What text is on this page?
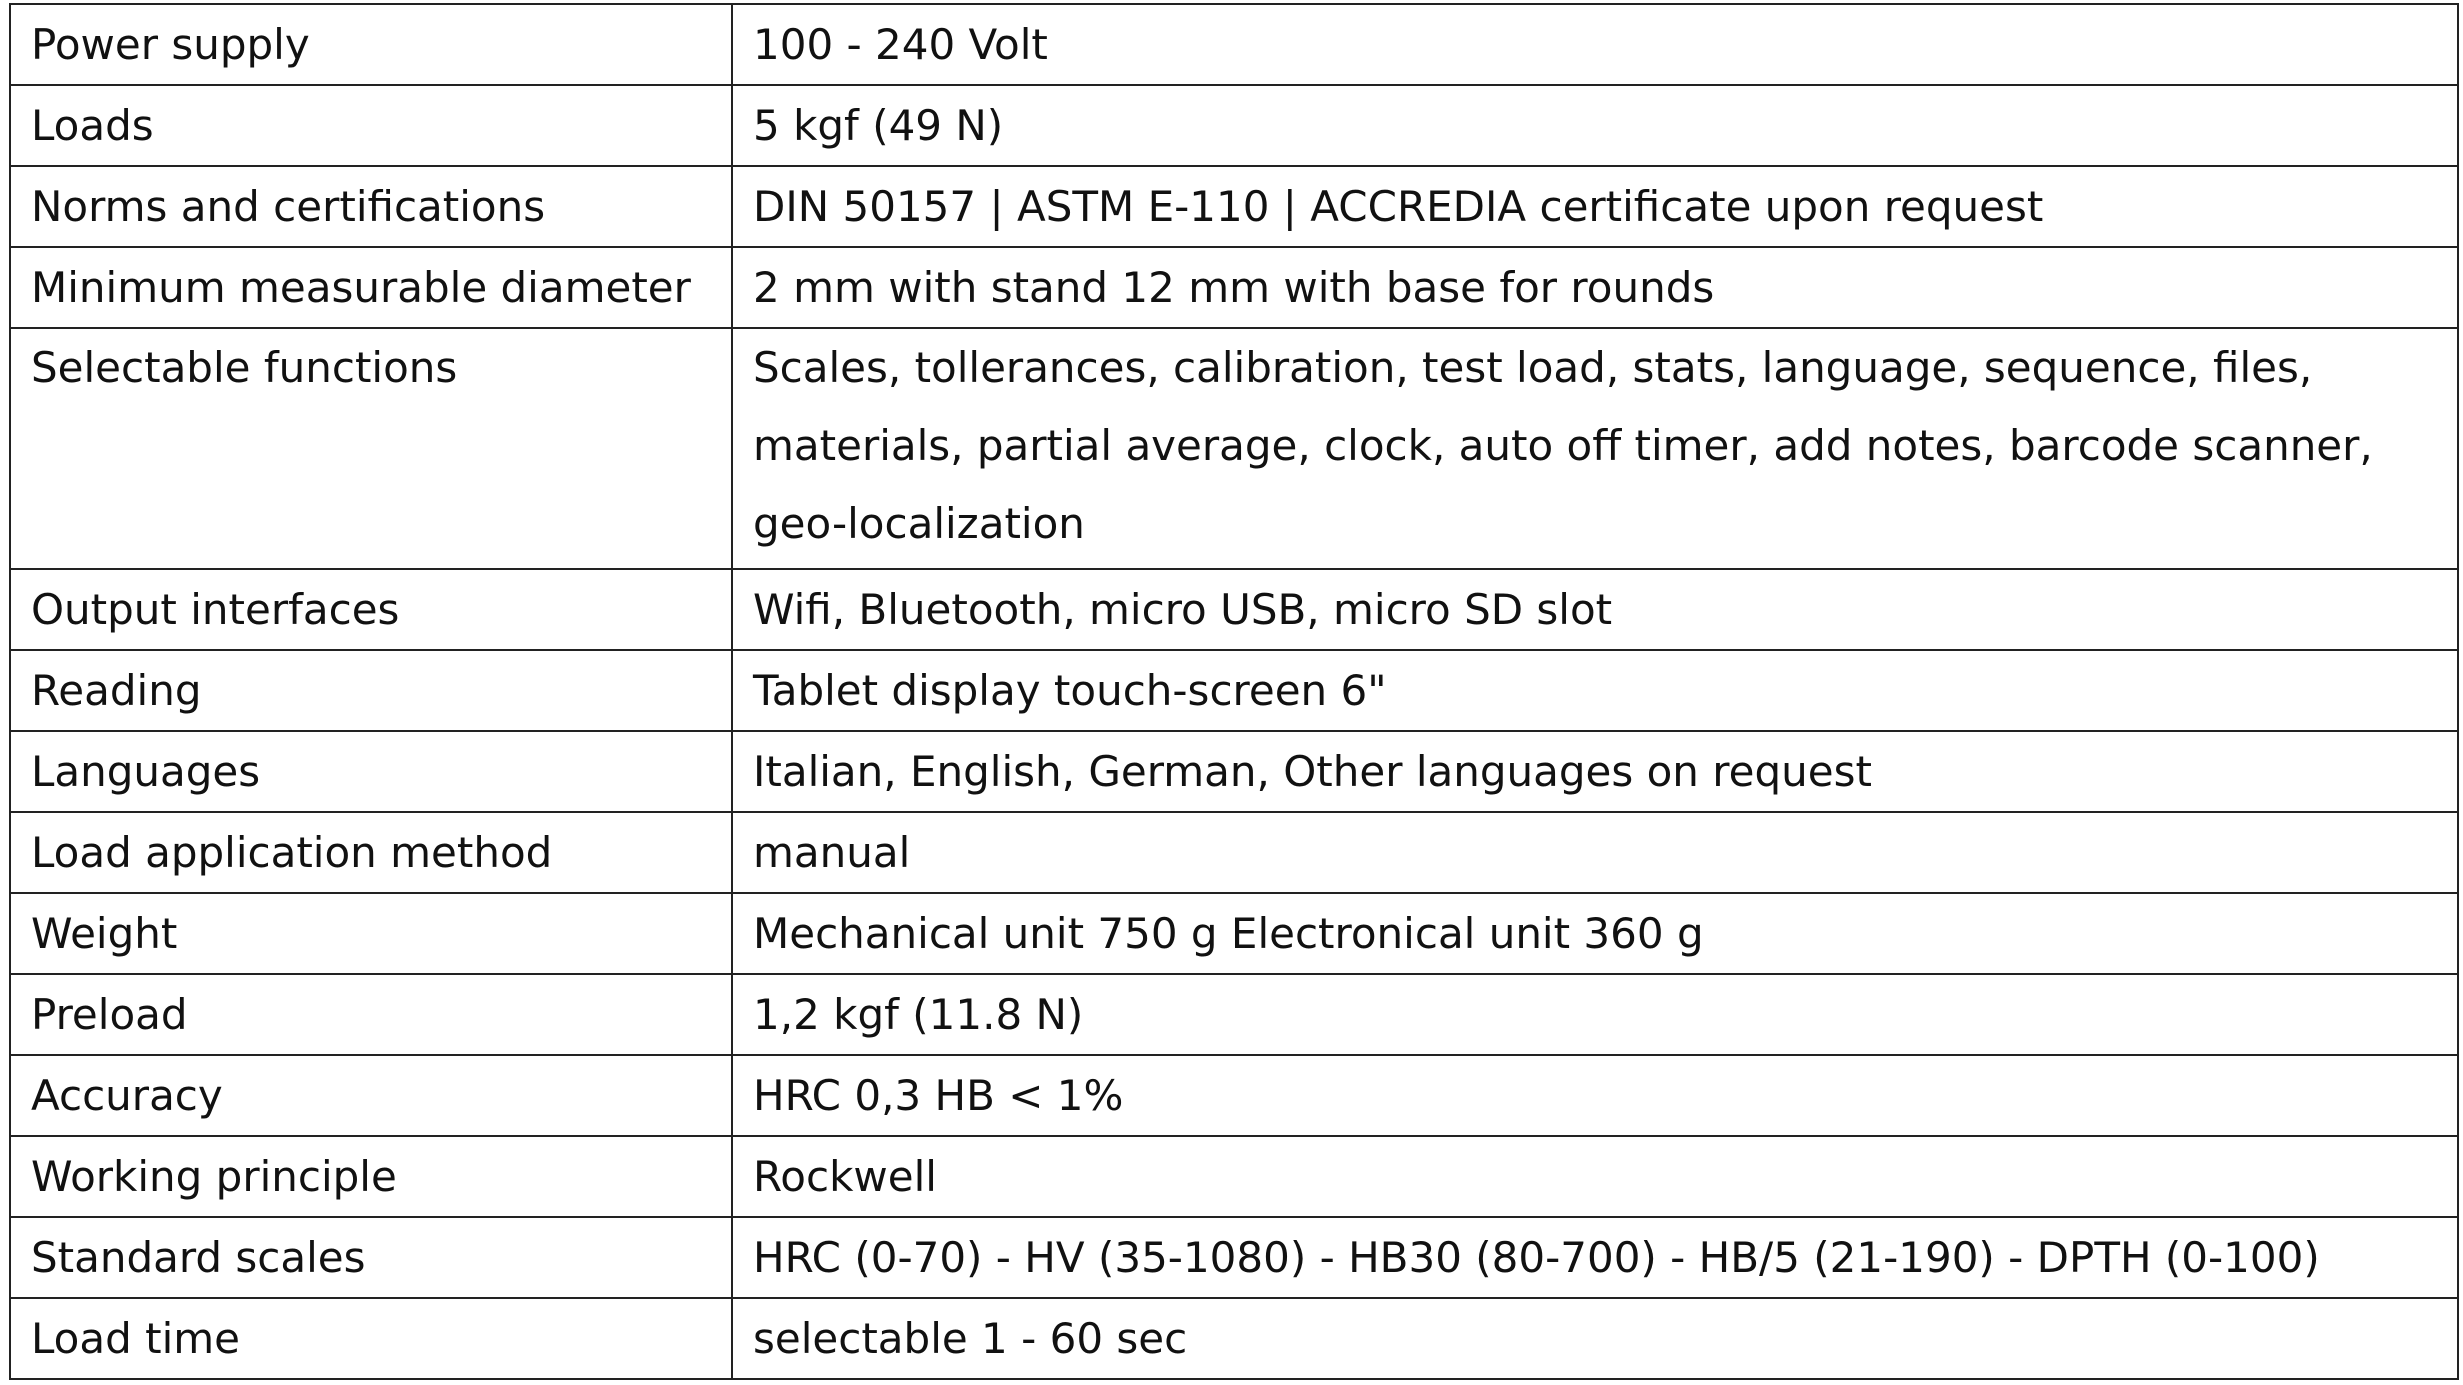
Power supply	100 - 240 Volt
Loads	5 kgf (49 N)
Norms and certifications	DIN 50157 | ASTM E-110 | ACCREDIA certificate upon request
Minimum measurable diameter	2 mm with stand 12 mm with base for rounds
Selectable functions	Scales, tollerances, calibration, test load, stats, language, sequence, files,
materials, partial average, clock, auto off timer, add notes, barcode scanner,
geo-localization

Output interfaces	Wifi, Bluetooth, micro USB, micro SD slot
Reading	Tablet display touch-screen 6"
Languages	Italian, English, German, Other languages on request
Load application method	manual
Weight	Mechanical unit 750 g Electronical unit 360 g
Preload	1,2 kgf (11.8 N)
Accuracy	HRC 0,3 HB < 1%
Working principle	Rockwell
Standard scales	HRC (0-70) - HV (35-1080) - HB30 (80-700) - HB/5 (21-190) - DPTH (0-100)
Load time	selectable 1 - 60 sec
